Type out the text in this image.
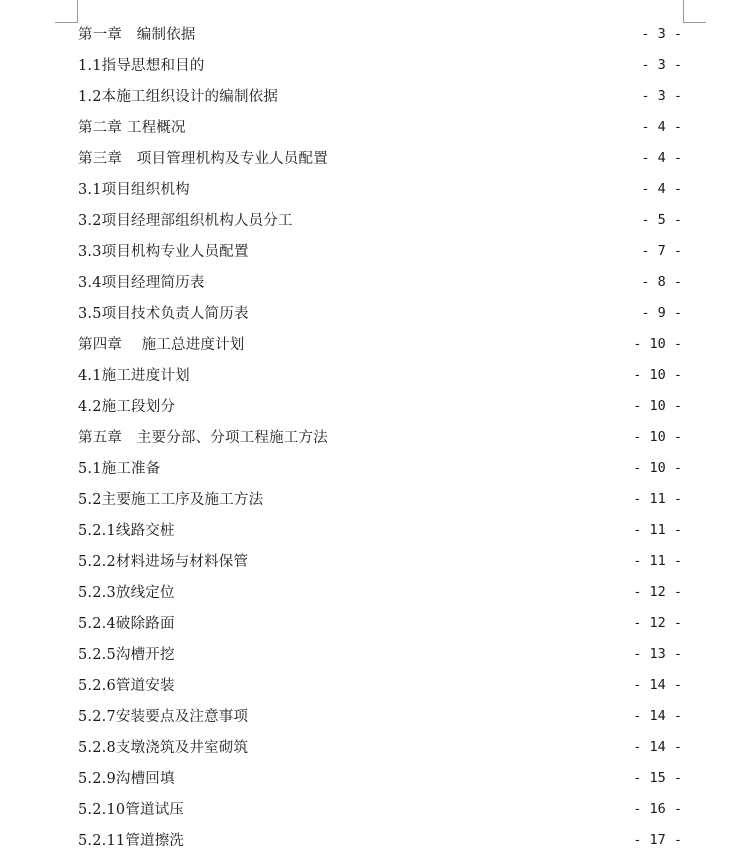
第一章　编制依据	- 3 -
1.1指导思想和目的	- 3 -
1.2本施工组织设计的编制依据	- 3 -
第二章 工程概况	- 4 -
第三章　项目管理机构及专业人员配置	- 4 -
3.1项目组织机构	- 4 -
3.2项目经理部组织机构人员分工	- 5 -
3.3项目机构专业人员配置	- 7 -
3.4项目经理简历表	- 8 -
3.5项目技术负责人简历表	- 9 -
第四章　 施工总进度计划	- 10 -
4.1施工进度计划	- 10 -
4.2施工段划分	- 10 -
第五章　主要分部、分项工程施工方法	- 10 -
5.1施工准备	- 10 -
5.2主要施工工序及施工方法	- 11 -
5.2.1线路交桩	- 11 -
5.2.2材料进场与材料保管	- 11 -
5.2.3放线定位	- 12 -
5.2.4破除路面	- 12 -
5.2.5沟槽开挖	- 13 -
5.2.6管道安装	- 14 -
5.2.7安装要点及注意事项	- 14 -
5.2.8支墩浇筑及井室砌筑	- 14 -
5.2.9沟槽回填	- 15 -
5.2.10管道试压	- 16 -
5.2.11管道擦洗	- 17 -
